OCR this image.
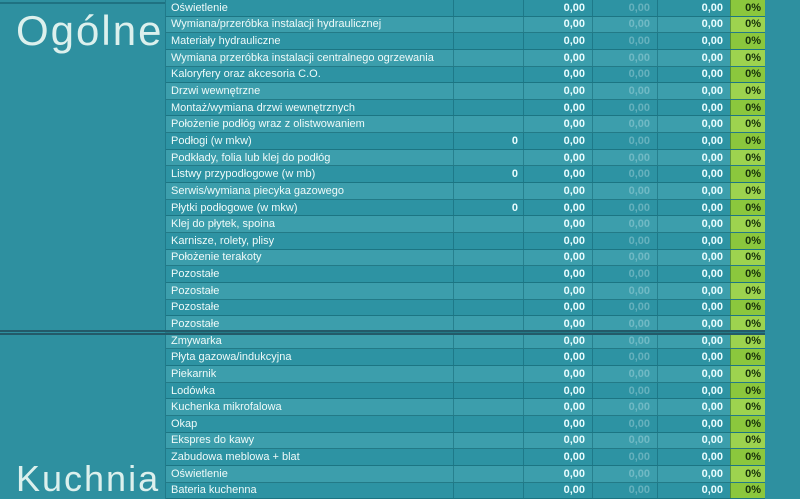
Ogólne
Kuchnia
Oświetlenie	0,00	0,00	0,00	0%
Wymiana/przeróbka instalacji hydraulicznej	0,00	0,00	0,00	0%
Materiały hydrauliczne	0,00	0,00	0,00	0%
Wymiana przeróbka instalacji centralnego ogrzewania	0,00	0,00	0,00	0%
Kaloryfery oraz akcesoria C.O.	0,00	0,00	0,00	0%
Drzwi wewnętrzne	0,00	0,00	0,00	0%
Montaż/wymiana drzwi wewnętrznych	0,00	0,00	0,00	0%
Położenie podłóg wraz z olistwowaniem	0,00	0,00	0,00	0%
Podłogi (w mkw)	0	0,00	0,00	0,00	0%
Podkłady, folia lub klej do podłóg	0,00	0,00	0,00	0%
Listwy przypodłogowe (w mb)	0	0,00	0,00	0,00	0%
Serwis/wymiana piecyka gazowego	0,00	0,00	0,00	0%
Płytki podłogowe (w mkw)	0	0,00	0,00	0,00	0%
Klej do płytek, spoina	0,00	0,00	0,00	0%
Karnisze, rolety, plisy	0,00	0,00	0,00	0%
Położenie terakoty	0,00	0,00	0,00	0%
Pozostałe	0,00	0,00	0,00	0%
Pozostałe	0,00	0,00	0,00	0%
Pozostałe	0,00	0,00	0,00	0%
Pozostałe	0,00	0,00	0,00	0%
Zmywarka	0,00	0,00	0,00	0%
Płyta gazowa/indukcyjna	0,00	0,00	0,00	0%
Piekarnik	0,00	0,00	0,00	0%
Lodówka	0,00	0,00	0,00	0%
Kuchenka mikrofalowa	0,00	0,00	0,00	0%
Okap	0,00	0,00	0,00	0%
Ekspres do kawy	0,00	0,00	0,00	0%
Zabudowa meblowa + blat	0,00	0,00	0,00	0%
Oświetlenie	0,00	0,00	0,00	0%
Bateria kuchenna	0,00	0,00	0,00	0%
